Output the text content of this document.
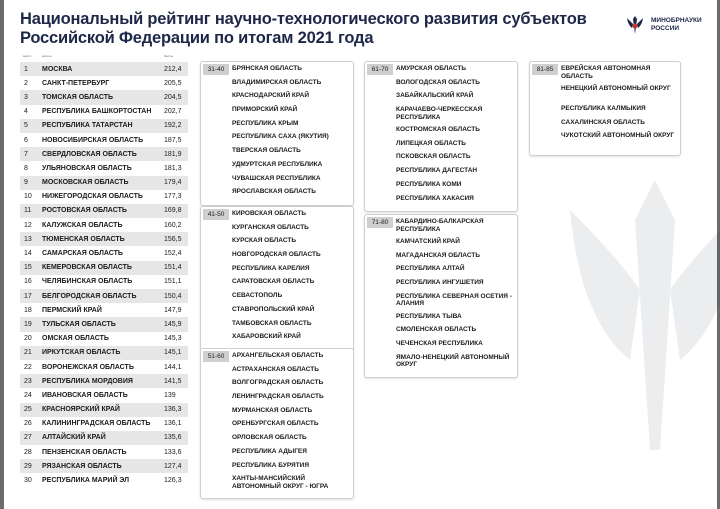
Национальный рейтинг научно-технологического развития субъектов
Российской Федерации по итогам 2021 года
МИНОБРНАУКИ
РОССИИ
место	регион	баллы
1	МОСКВА	212,4
2	САНКТ-ПЕТЕРБУРГ	205,5
3	ТОМСКАЯ ОБЛАСТЬ	204,5
4	РЕСПУБЛИКА БАШКОРТОСТАН	202,7
5	РЕСПУБЛИКА ТАТАРСТАН	192,2
6	НОВОСИБИРСКАЯ ОБЛАСТЬ	187,5
7	СВЕРДЛОВСКАЯ ОБЛАСТЬ	181,9
8	УЛЬЯНОВСКАЯ ОБЛАСТЬ	181,3
9	МОСКОВСКАЯ ОБЛАСТЬ	179,4
10	НИЖЕГОРОДСКАЯ ОБЛАСТЬ	177,3
11	РОСТОВСКАЯ ОБЛАСТЬ	169,8
12	КАЛУЖСКАЯ ОБЛАСТЬ	160,2
13	ТЮМЕНСКАЯ ОБЛАСТЬ	156,5
14	САМАРСКАЯ ОБЛАСТЬ	152,4
15	КЕМЕРОВСКАЯ ОБЛАСТЬ	151,4
16	ЧЕЛЯБИНСКАЯ ОБЛАСТЬ	151,1
17	БЕЛГОРОДСКАЯ ОБЛАСТЬ	150,4
18	ПЕРМСКИЙ КРАЙ	147,9
19	ТУЛЬСКАЯ ОБЛАСТЬ	145,9
20	ОМСКАЯ ОБЛАСТЬ	145,3
21	ИРКУТСКАЯ ОБЛАСТЬ	145,1
22	ВОРОНЕЖСКАЯ ОБЛАСТЬ	144,1
23	РЕСПУБЛИКА МОРДОВИЯ	141,5
24	ИВАНОВСКАЯ ОБЛАСТЬ	139
25	КРАСНОЯРСКИЙ КРАЙ	136,3
26	КАЛИНИНГРАДСКАЯ ОБЛАСТЬ	136,1
27	АЛТАЙСКИЙ КРАЙ	135,6
28	ПЕНЗЕНСКАЯ ОБЛАСТЬ	133,6
29	РЯЗАНСКАЯ ОБЛАСТЬ	127,4
30	РЕСПУБЛИКА МАРИЙ ЭЛ	126,3
31-40	БРЯНСКАЯ ОБЛАСТЬ
ВЛАДИМИРСКАЯ ОБЛАСТЬ
КРАСНОДАРСКИЙ КРАЙ
ПРИМОРСКИЙ КРАЙ
РЕСПУБЛИКА КРЫМ
РЕСПУБЛИКА САХА (ЯКУТИЯ)
ТВЕРСКАЯ ОБЛАСТЬ
УДМУРТСКАЯ РЕСПУБЛИКА
ЧУВАШСКАЯ РЕСПУБЛИКА
ЯРОСЛАВСКАЯ ОБЛАСТЬ
41-50	КИРОВСКАЯ ОБЛАСТЬ
КУРГАНСКАЯ ОБЛАСТЬ
КУРСКАЯ ОБЛАСТЬ
НОВГОРОДСКАЯ ОБЛАСТЬ
РЕСПУБЛИКА КАРЕЛИЯ
САРАТОВСКАЯ ОБЛАСТЬ
СЕВАСТОПОЛЬ
СТАВРОПОЛЬСКИЙ КРАЙ
ТАМБОВСКАЯ ОБЛАСТЬ
ХАБАРОВСКИЙ КРАЙ
51-60	АРХАНГЕЛЬСКАЯ ОБЛАСТЬ
АСТРАХАНСКАЯ ОБЛАСТЬ
ВОЛГОГРАДСКАЯ ОБЛАСТЬ
ЛЕНИНГРАДСКАЯ ОБЛАСТЬ
МУРМАНСКАЯ ОБЛАСТЬ
ОРЕНБУРГСКАЯ ОБЛАСТЬ
ОРЛОВСКАЯ ОБЛАСТЬ
РЕСПУБЛИКА АДЫГЕЯ
РЕСПУБЛИКА БУРЯТИЯ
ХАНТЫ-МАНСИЙСКИЙ АВТОНОМНЫЙ ОКРУГ - ЮГРА
61-70	АМУРСКАЯ ОБЛАСТЬ
ВОЛОГОДСКАЯ ОБЛАСТЬ
ЗАБАЙКАЛЬСКИЙ КРАЙ
КАРАЧАЕВО-ЧЕРКЕССКАЯ РЕСПУБЛИКА
КОСТРОМСКАЯ ОБЛАСТЬ
ЛИПЕЦКАЯ ОБЛАСТЬ
ПСКОВСКАЯ ОБЛАСТЬ
РЕСПУБЛИКА ДАГЕСТАН
РЕСПУБЛИКА КОМИ
РЕСПУБЛИКА ХАКАСИЯ
71-80	КАБАРДИНО-БАЛКАРСКАЯ РЕСПУБЛИКА
КАМЧАТСКИЙ КРАЙ
МАГАДАНСКАЯ ОБЛАСТЬ
РЕСПУБЛИКА АЛТАЙ
РЕСПУБЛИКА ИНГУШЕТИЯ
РЕСПУБЛИКА СЕВЕРНАЯ ОСЕТИЯ - АЛАНИЯ
РЕСПУБЛИКА ТЫВА
СМОЛЕНСКАЯ ОБЛАСТЬ
ЧЕЧЕНСКАЯ РЕСПУБЛИКА
ЯМАЛО-НЕНЕЦКИЙ АВТОНОМНЫЙ ОКРУГ
81-85	ЕВРЕЙСКАЯ АВТОНОМНАЯ ОБЛАСТЬ
НЕНЕЦКИЙ АВТОНОМНЫЙ ОКРУГ
РЕСПУБЛИКА КАЛМЫКИЯ
САХАЛИНСКАЯ ОБЛАСТЬ
ЧУКОТСКИЙ АВТОНОМНЫЙ ОКРУГ
